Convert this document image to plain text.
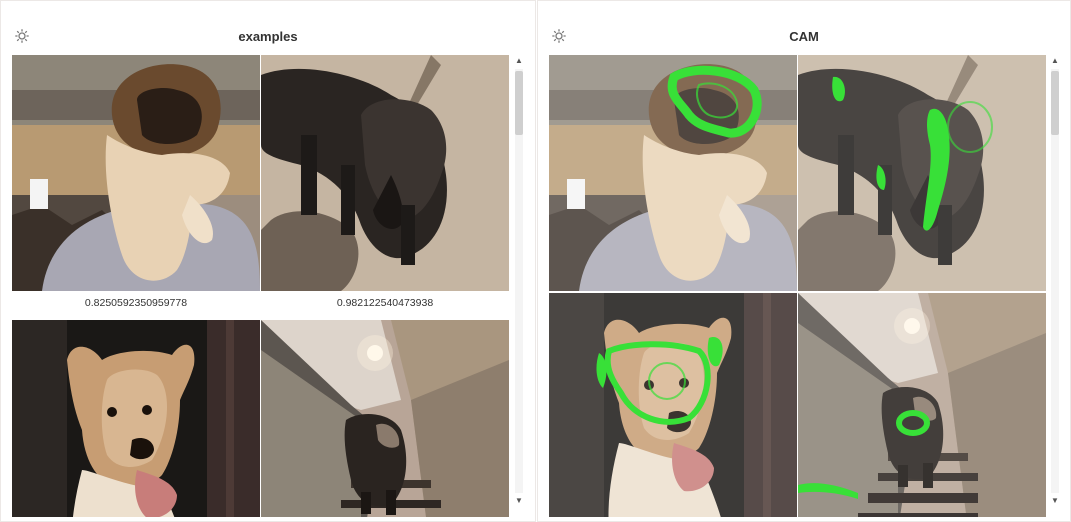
examples
0.8250592350959778	0.982122540473938
▲
▼
CAM
▲
▼
